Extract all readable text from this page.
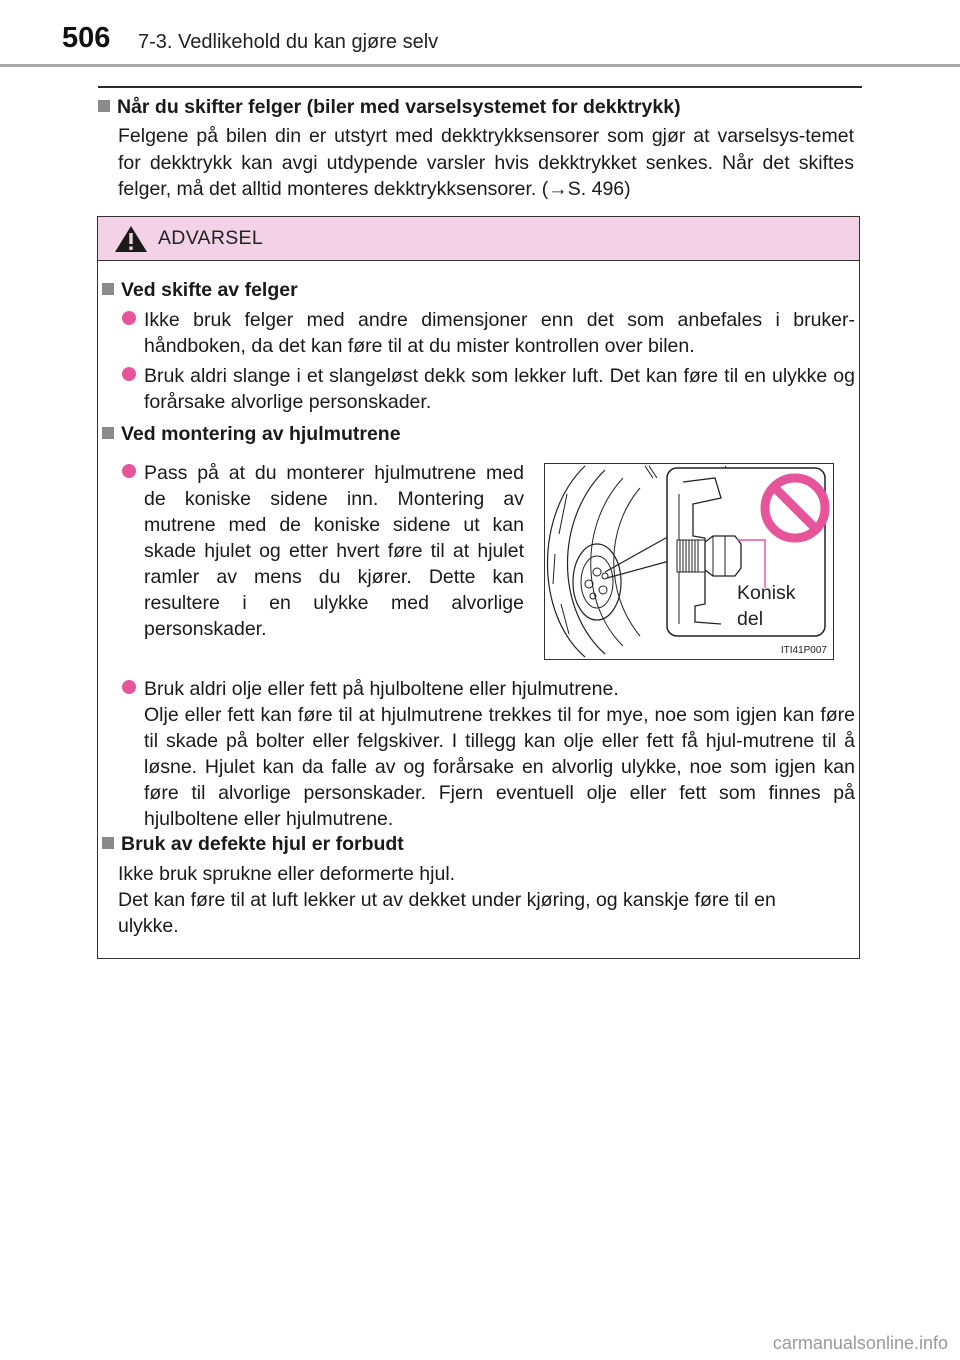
506 7-3. Vedlikehold du kan gjøre selv
Når du skifter felger (biler med varselsystemet for dekktrykk)
Felgene på bilen din er utstyrt med dekktrykksensorer som gjør at varselsys-temet for dekktrykk kan avgi utdypende varsler hvis dekktrykket senkes. Når det skiftes felger, må det alltid monteres dekktrykksensorer. (→S. 496)
ADVARSEL
Ved skifte av felger
Ikke bruk felger med andre dimensjoner enn det som anbefales i bruker-håndboken, da det kan føre til at du mister kontrollen over bilen.
Bruk aldri slange i et slangeløst dekk som lekker luft. Det kan føre til en ulykke og forårsake alvorlige personskader.
Ved montering av hjulmutrene
Pass på at du monterer hjulmutrene med de koniske sidene inn. Montering av mutrene med de koniske sidene ut kan skade hjulet og etter hvert føre til at hjulet ramler av mens du kjører. Dette kan resultere i en ulykke med alvorlige personskader.
Konisk
del
ITI41P007
Bruk aldri olje eller fett på hjulboltene eller hjulmutrene.
Olje eller fett kan føre til at hjulmutrene trekkes til for mye, noe som igjen kan føre til skade på bolter eller felgskiver. I tillegg kan olje eller fett få hjul-mutrene til å løsne. Hjulet kan da falle av og forårsake en alvorlig ulykke, noe som igjen kan føre til alvorlige personskader. Fjern eventuell olje eller fett som finnes på hjulboltene eller hjulmutrene.
Bruk av defekte hjul er forbudt
Ikke bruk sprukne eller deformerte hjul.
Det kan føre til at luft lekker ut av dekket under kjøring, og kanskje føre til en ulykke.
carmanualsonline.info
